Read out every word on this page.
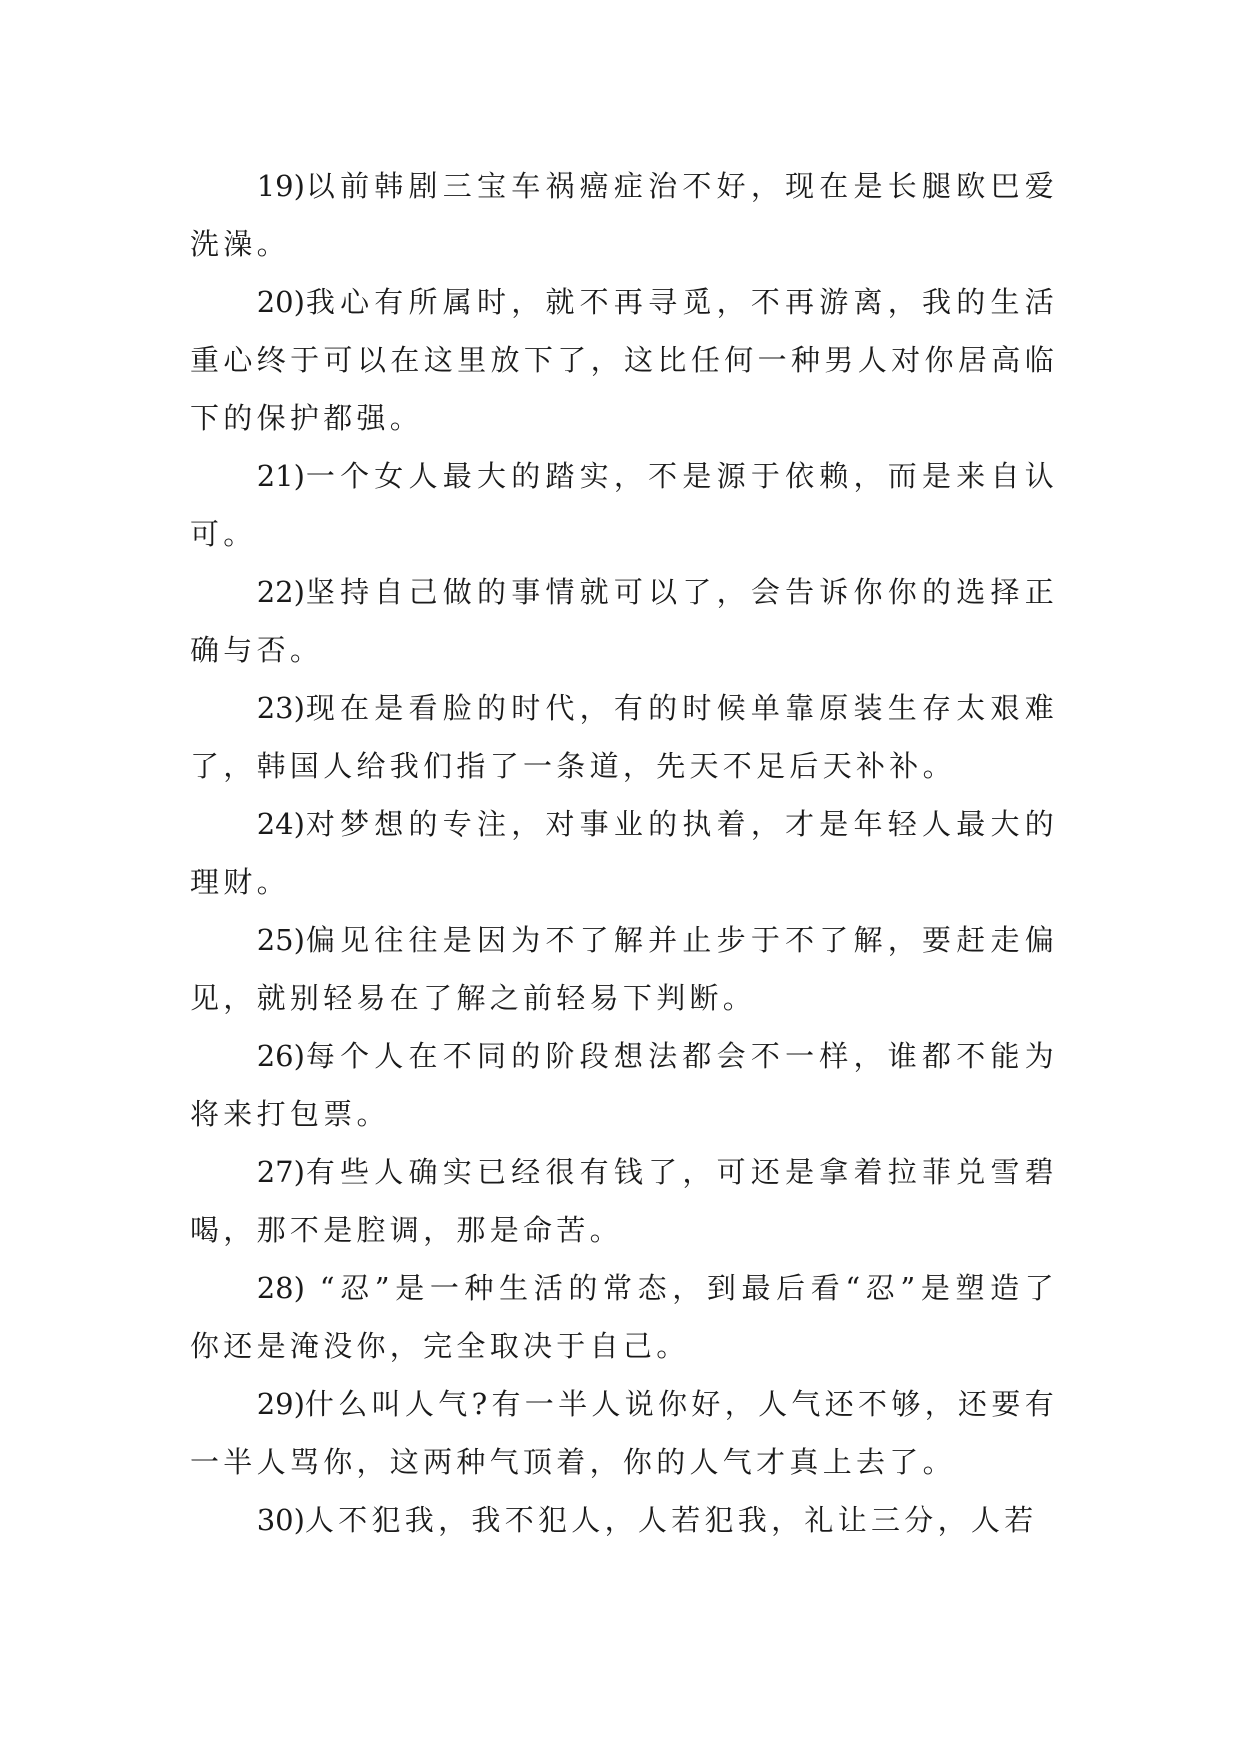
19)以前韩剧三宝车祸癌症治不好，现在是长腿欧巴爱洗澡。

20)我心有所属时，就不再寻觅，不再游离，我的生活重心终于可以在这里放下了，这比任何一种男人对你居高临下的保护都强。

21)一个女人最大的踏实，不是源于依赖，而是来自认可。

22)坚持自己做的事情就可以了，会告诉你你的选择正确与否。

23)现在是看脸的时代，有的时候单靠原装生存太艰难了，韩国人给我们指了一条道，先天不足后天补补。

24)对梦想的专注，对事业的执着，才是年轻人最大的理财。

25)偏见往往是因为不了解并止步于不了解，要赶走偏见，就别轻易在了解之前轻易下判断。

26)每个人在不同的阶段想法都会不一样，谁都不能为将来打包票。

27)有些人确实已经很有钱了，可还是拿着拉菲兑雪碧喝，那不是腔调，那是命苦。

28) “忍”是一种生活的常态，到最后看“忍”是塑造了你还是淹没你，完全取决于自己。

29)什么叫人气?有一半人说你好，人气还不够，还要有一半人骂你，这两种气顶着，你的人气才真上去了。

30)人不犯我，我不犯人，人若犯我，礼让三分，人若
